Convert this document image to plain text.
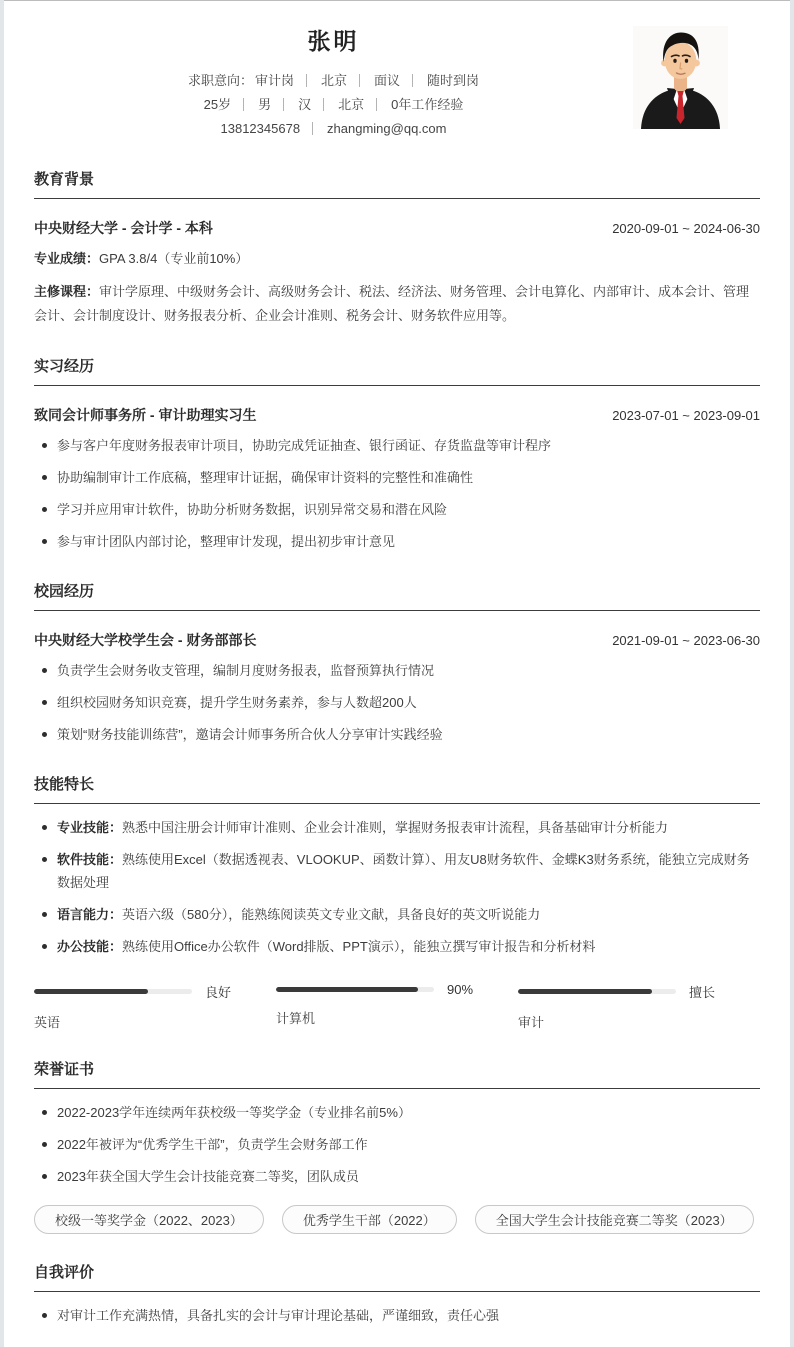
张明
求职意向： 审计岗 北京 面议 随时到岗
25岁 男 汉 北京 0年工作经验
13812345678 zhangming@qq.com
教育背景
中央财经大学 - 会计学 - 本科	2020-09-01 ~ 2024-06-30

专业成绩：GPA 3.8/4（专业前10%）

主修课程：审计学原理、中级财务会计、高级财务会计、税法、经济法、财务管理、会计电算化、内部审计、成本会计、管理会计、会计制度设计、财务报表分析、企业会计准则、税务会计、财务软件应用等。

实习经历
致同会计师事务所 - 审计助理实习生	2023-07-01 ~ 2023-09-01
参与客户年度财务报表审计项目，协助完成凭证抽查、银行函证、存货监盘等审计程序
协助编制审计工作底稿，整理审计证据，确保审计资料的完整性和准确性
学习并应用审计软件，协助分析财务数据，识别异常交易和潜在风险
参与审计团队内部讨论，整理审计发现，提出初步审计意见
校园经历
中央财经大学校学生会 - 财务部部长	2021-09-01 ~ 2023-06-30
负责学生会财务收支管理，编制月度财务报表，监督预算执行情况
组织校园财务知识竞赛，提升学生财务素养，参与人数超200人
策划“财务技能训练营”，邀请会计师事务所合伙人分享审计实践经验
技能特长
专业技能：熟悉中国注册会计师审计准则、企业会计准则，掌握财务报表审计流程，具备基础审计分析能力
软件技能：熟练使用Excel（数据透视表、VLOOKUP、函数计算）、用友U8财务软件、金蝶K3财务系统，能独立完成财务数据处理
语言能力：英语六级（580分），能熟练阅读英文专业文献，具备良好的英文听说能力
办公技能：熟练使用Office办公软件（Word排版、PPT演示），能独立撰写审计报告和分析材料
良好
英语
90%
计算机
擅长
审计
荣誉证书
2022-2023学年连续两年获校级一等奖学金（专业排名前5%）
2022年被评为“优秀学生干部”，负责学生会财务部工作
2023年获全国大学生会计技能竞赛二等奖，团队成员
校级一等奖学金（2022、2023）	优秀学生干部（2022）	全国大学生会计技能竞赛二等奖（2023）
自我评价
对审计工作充满热情，具备扎实的会计与审计理论基础，严谨细致，责任心强
